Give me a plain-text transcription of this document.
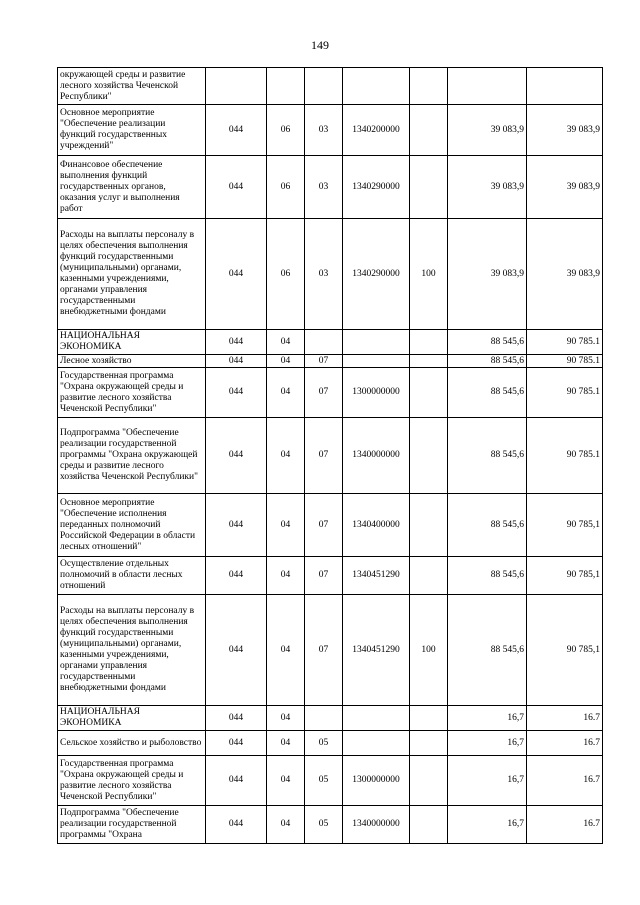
149
окружающей среды и развитие лесного хозяйства Чеченской Республики"							
Основное мероприятие "Обеспечение реализации функций государственных учреждений"	044	06	03	1340200000		39 083,9	39 083,9
Финансовое обеспечение выполнения функций государственных органов, оказания услуг и выполнения работ	044	06	03	1340290000		39 083,9	39 083,9
Расходы на выплаты персоналу в целях обеспечения выполнения функций государственными (муниципальными) органами, казенными учреждениями, органами управления государственными внебюджетными фондами	044	06	03	1340290000	100	39 083,9	39 083,9
НАЦИОНАЛЬНАЯ ЭКОНОМИКА	044	04				88 545,6	90 785.1
Лесное хозяйство	044	04	07			88 545,6	90 785.1
Государственная программа "Охрана окружающей среды и развитие лесного хозяйства Чеченской Республики"	044	04	07	1300000000		88 545,6	90 785.1
Подпрограмма "Обеспечение реализации государственной программы "Охрана окружающей среды и развитие лесного хозяйства Чеченской Республики"	044	04	07	1340000000		88 545,6	90 785.1
Основное мероприятие "Обеспечение исполнения переданных полномочий Российской Федерации в области лесных отношений"	044	04	07	1340400000		88 545,6	90 785,1
Осуществление отдельных полномочий в области лесных отношений	044	04	07	1340451290		88 545,6	90 785,1
Расходы на выплаты персоналу в целях обеспечения выполнения функций государственными (муниципальными) органами, казенными учреждениями, органами управления государственными внебюджетными фондами	044	04	07	1340451290	100	88 545,6	90 785,1
НАЦИОНАЛЬНАЯ ЭКОНОМИКА	044	04				16,7	16.7
Сельское хозяйство и рыболовство	044	04	05			16,7	16.7
Государственная программа "Охрана окружающей среды и развитие лесного хозяйства Чеченской Республики"	044	04	05	1300000000		16,7	16.7
Подпрограмма "Обеспечение реализации государственной программы "Охрана	044	04	05	1340000000		16,7	16.7
